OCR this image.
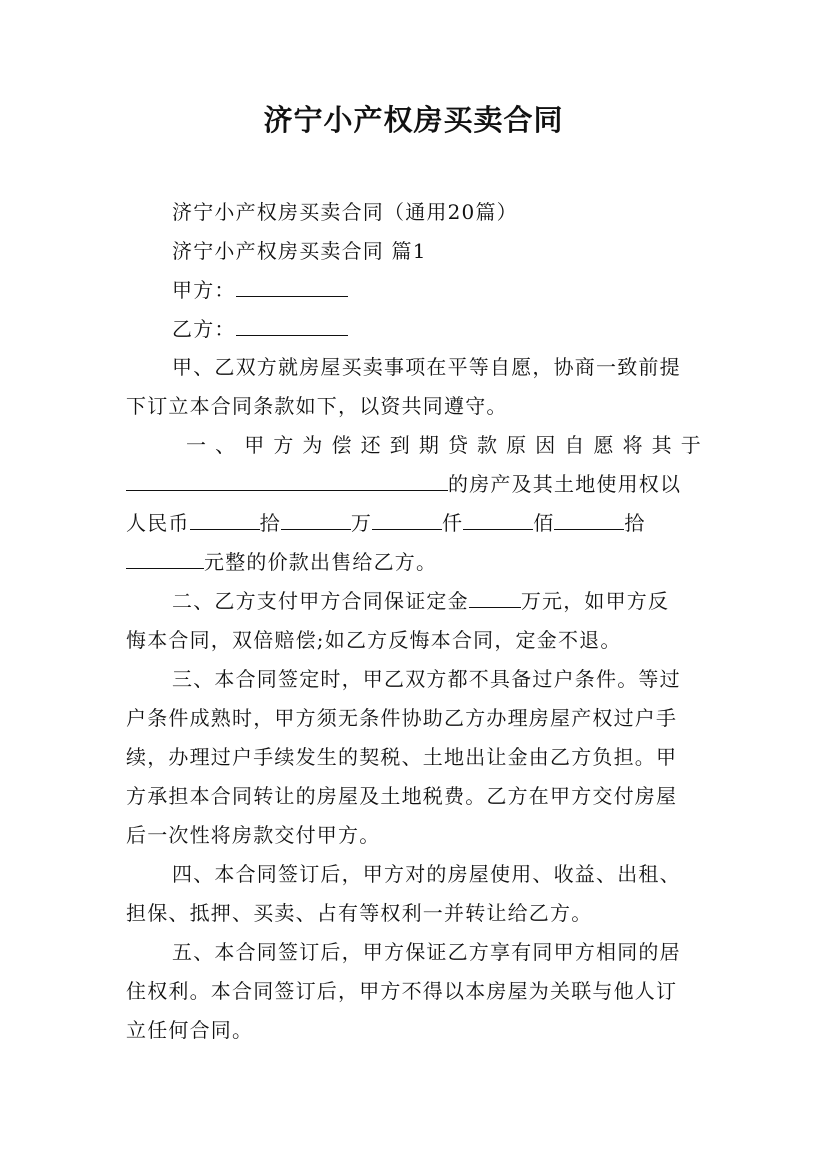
济宁小产权房买卖合同
济宁小产权房买卖合同（通用20篇）
济宁小产权房买卖合同 篇1
甲方：
乙方：
甲、乙双方就房屋买卖事项在平等自愿，协商一致前提
下订立本合同条款如下，以资共同遵守。
一、甲方为偿还到期贷款原因自愿将其于
的房产及其土地使用权以
人民币	拾	万	仟	佰	拾
元整的价款出售给乙方。
二、乙方支付甲方合同保证定金	万元，如甲方反
悔本合同，双倍赔偿;如乙方反悔本合同，定金不退。
三、本合同签定时，甲乙双方都不具备过户条件。等过
户条件成熟时，甲方须无条件协助乙方办理房屋产权过户手
续，办理过户手续发生的契税、土地出让金由乙方负担。甲
方承担本合同转让的房屋及土地税费。乙方在甲方交付房屋
后一次性将房款交付甲方。
四、本合同签订后，甲方对的房屋使用、收益、出租、
担保、抵押、买卖、占有等权利一并转让给乙方。
五、本合同签订后，甲方保证乙方享有同甲方相同的居
住权利。本合同签订后，甲方不得以本房屋为关联与他人订
立任何合同。
